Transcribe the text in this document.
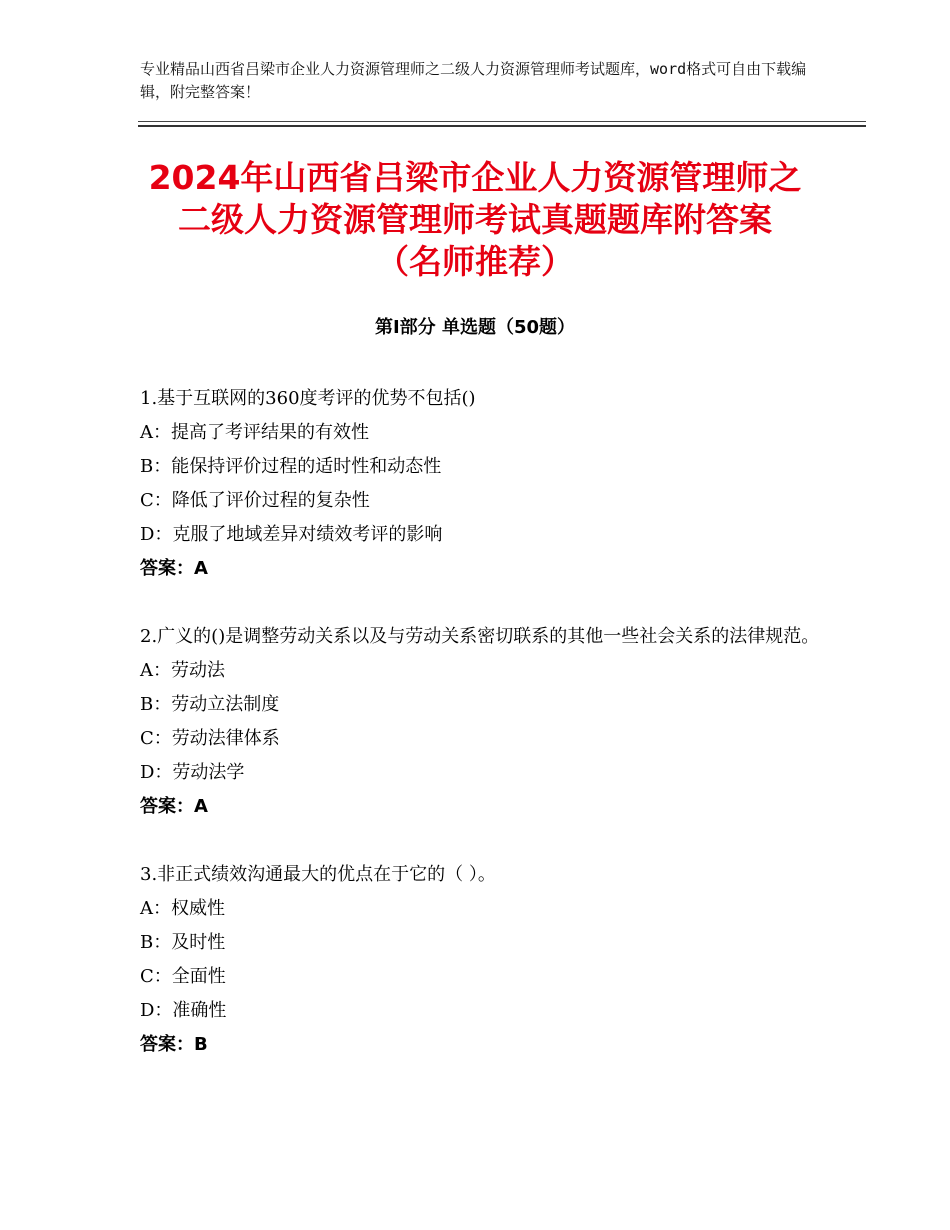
专业精品山西省吕梁市企业人力资源管理师之二级人力资源管理师考试题库，word格式可自由下载编辑，附完整答案！
2024年山西省吕梁市企业人力资源管理师之
二级人力资源管理师考试真题题库附答案
（名师推荐）
第Ⅰ部分 单选题（50题）
1.基于互联网的360度考评的优势不包括()
A：提高了考评结果的有效性
B：能保持评价过程的适时性和动态性
C：降低了评价过程的复杂性
D：克服了地域差异对绩效考评的影响
答案：A
2.广义的()是调整劳动关系以及与劳动关系密切联系的其他一些社会关系的法律规范。
A：劳动法
B：劳动立法制度
C：劳动法律体系
D：劳动法学
答案：A
3.非正式绩效沟通最大的优点在于它的（ ）。
A：权威性
B：及时性
C：全面性
D：准确性
答案：B
